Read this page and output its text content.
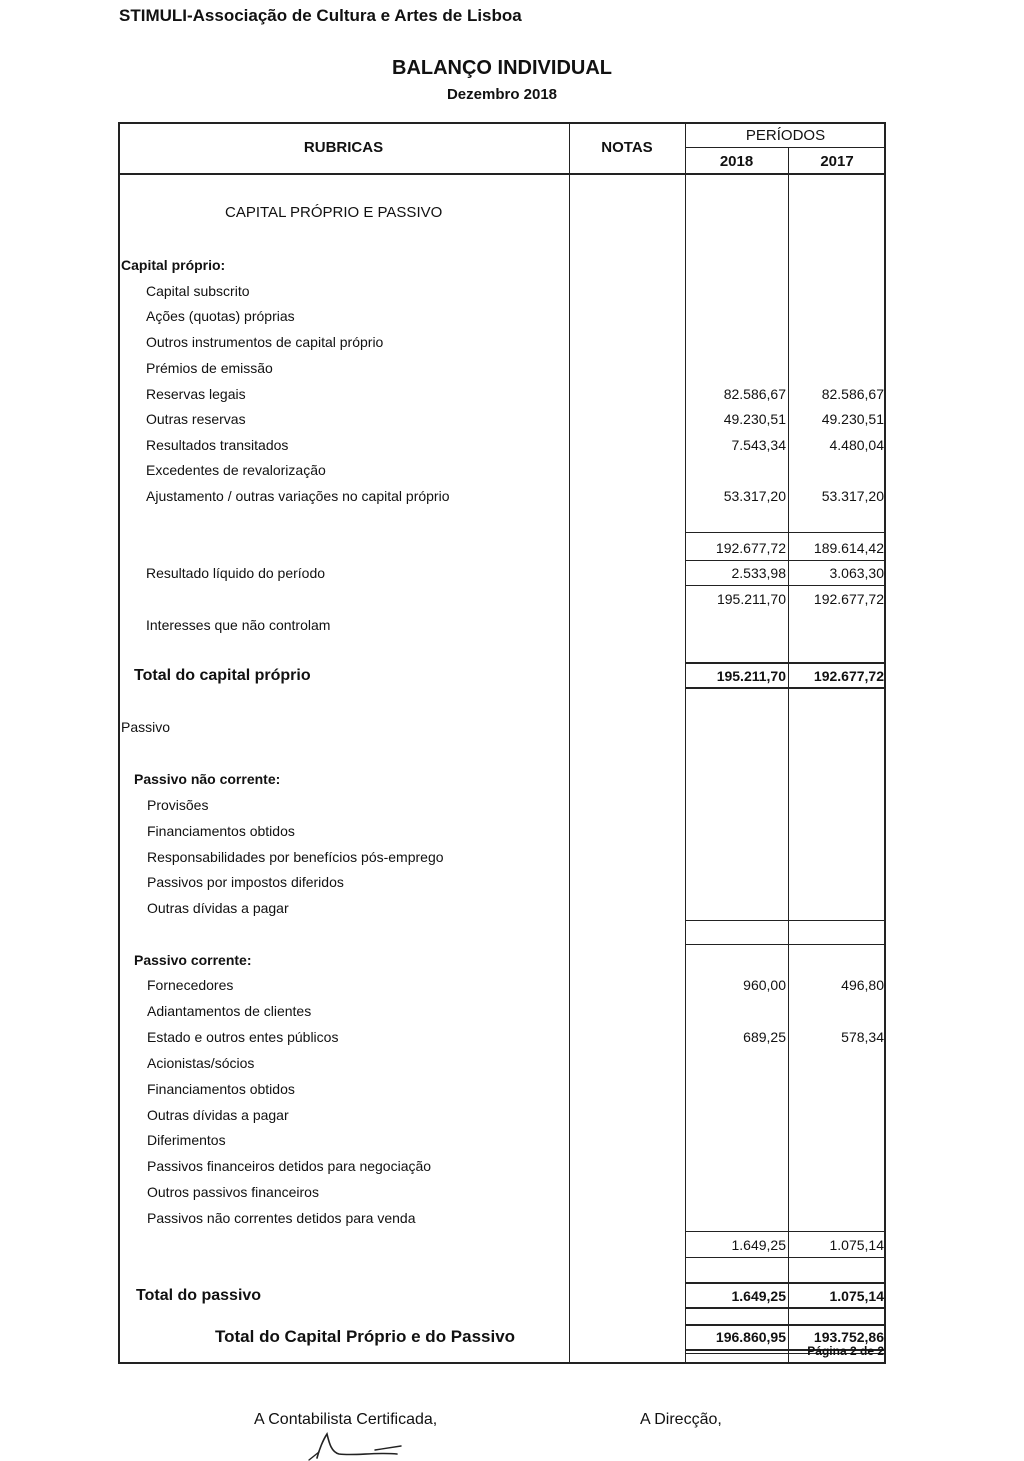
STIMULI-Associação de Cultura e Artes de Lisboa
BALANÇO INDIVIDUAL
Dezembro 2018
RUBRICAS	NOTAS
PERÍODOS
2018	2017
CAPITAL PRÓPRIO E PASSIVO
Capital próprio:
Capital subscrito
Ações (quotas) próprias
Outros instrumentos de capital próprio
Prémios de emissão
Reservas legais	82.586,67	82.586,67
Outras reservas	49.230,51	49.230,51
Resultados transitados	7.543,34	4.480,04
Excedentes de revalorização
Ajustamento / outras variações no capital próprio	53.317,20	53.317,20
192.677,72	189.614,42
Resultado líquido do período	2.533,98	3.063,30
195.211,70	192.677,72
Interesses que não controlam
Total do capital próprio	195.211,70	192.677,72
Passivo
Passivo não corrente:
Provisões
Financiamentos obtidos
Responsabilidades por benefícios pós-emprego
Passivos por impostos diferidos
Outras dívidas a pagar
Passivo corrente:
Fornecedores	960,00	496,80
Adiantamentos de clientes
Estado e outros entes públicos	689,25	578,34
Acionistas/sócios
Financiamentos obtidos
Outras dívidas a pagar
Diferimentos
Passivos financeiros detidos para negociação
Outros passivos financeiros
Passivos não correntes detidos para venda
1.649,25	1.075,14
Total do passivo	1.649,25	1.075,14
Total do Capital Próprio e do Passivo	196.860,95	193.752,86
Página 2 de 2
A Contabilista Certificada,	A Direcção,
